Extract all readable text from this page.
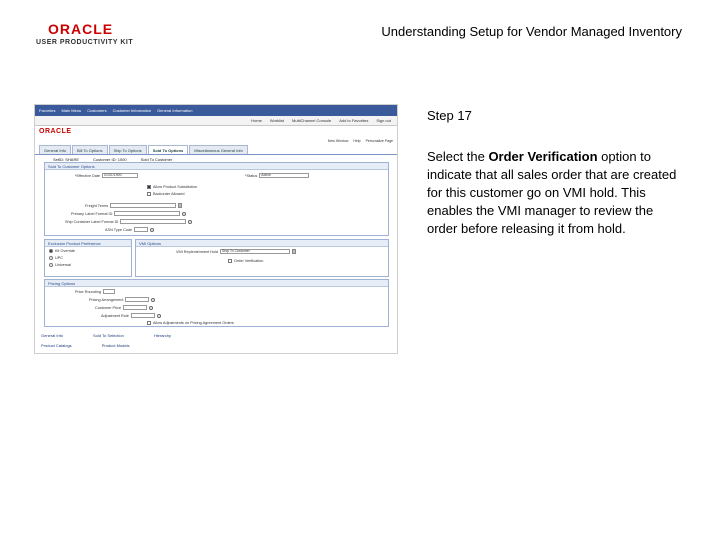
ORACLE
USER PRODUCTIVITY KIT
Understanding Setup for Vendor Managed Inventory
Favorites Main Menu Customers Customer Information General Information
Home Worklist MultiChannel Console Add to Favorites Sign out
ORACLE
New Window Help Personalize Page
General Info	Bill To Options	Ship To Options	Sold To Options	Miscellaneous General Info
SetID: SHARE	Customer ID: 1000	Sold To Customer
Sold To Customer Options
*Effective Date	01/01/1900	*Status	Active
Allow Product Substitution
Backorder Allowed
Freight Terms
Primary Label Format ID
Ship Container Label Format ID
ASN Type Code
Exclusion Product Preference
Kit Override
UPC
Universal
VMI Options
VMI Replenishment Hold	Ship To Customer
Order Verification
Pricing Options
Price Rounding
Pricing Arrangement
Customer Price
Adjustment Rule
Allow Adjustments on Pricing Agreement Orders
General Info	Sold To Selection	Hierarchy
Product Catalogs	Product Models
Step 17
Select the Order Verification option to indicate that all sales order that are created for this customer go on VMI hold. This enables the VMI manager to review the order before releasing it from hold.
